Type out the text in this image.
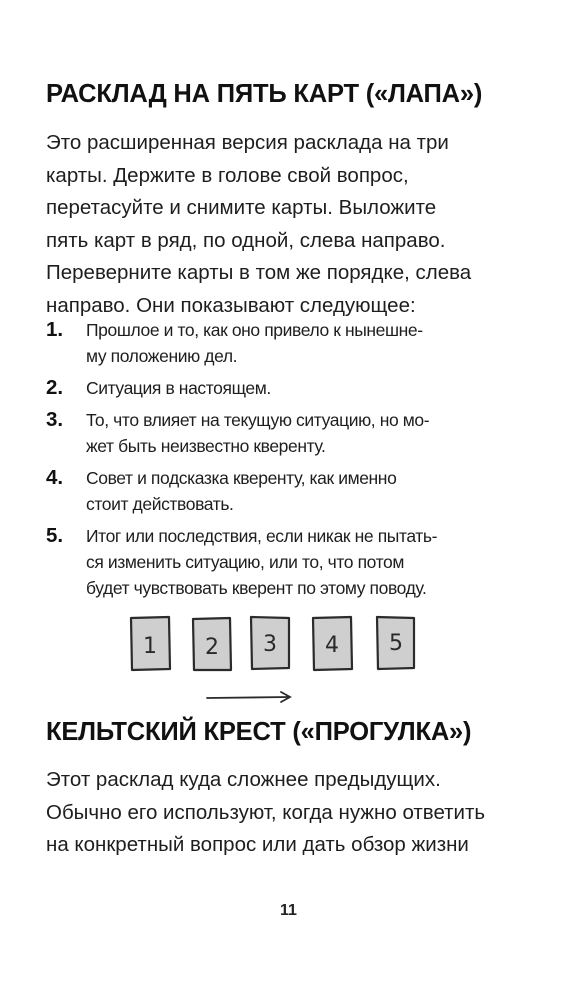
РАСКЛАД НА ПЯТЬ КАРТ («ЛАПА»)

Это расширенная версия расклада на три
карты. Держите в голове свой вопрос,
перетасуйте и снимите карты. Выложите
пять карт в ряд, по одной, слева направо.
Переверните карты в том же порядке, слева
направо. Они показывают следующее:

1. Прошлое и то, как оно привело к нынешне-
му положению дел.
2. Ситуация в настоящем.
3. То, что влияет на текущую ситуацию, но мо-
жет быть неизвестно кверенту.
4. Совет и подсказка кверенту, как именно
стоит действовать.
5. Итог или последствия, если никак не пытать-
ся изменить ситуацию, или то, что потом
будет чувствовать кверент по этому поводу.
1 2 3 4 5
КЕЛЬТСКИЙ КРЕСТ («ПРОГУЛКА»)

Этот расклад куда сложнее предыдущих.
Обычно его используют, когда нужно ответить
на конкретный вопрос или дать обзор жизни

11
